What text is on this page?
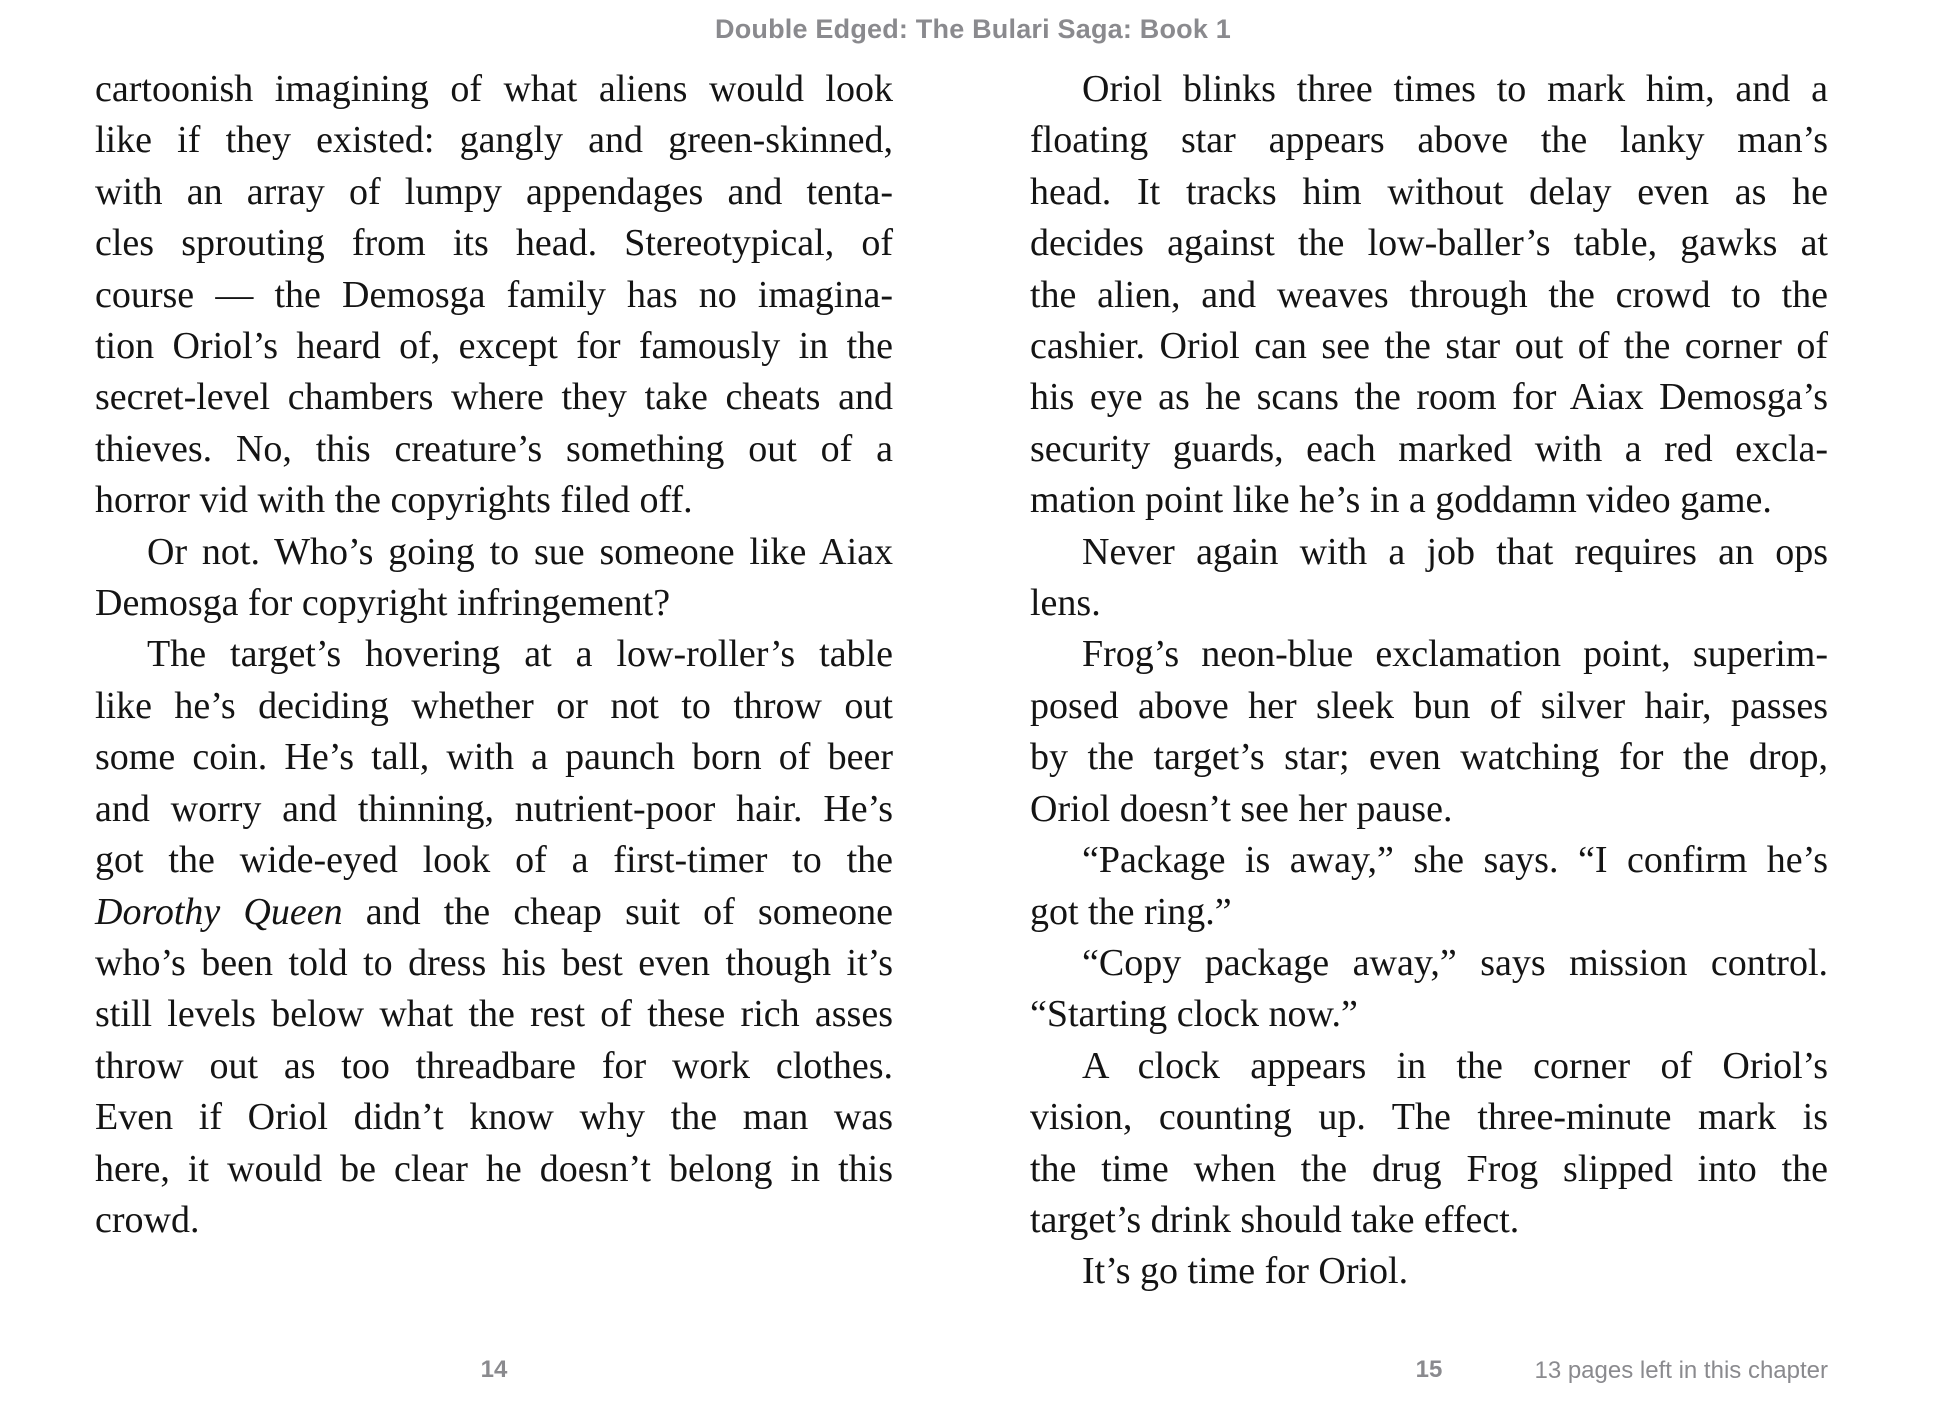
Double Edged: The Bulari Saga: Book 1
cartoonish imagining of what aliens would look
like if they existed: gangly and green-skinned,
with an array of lumpy appendages and tenta-
cles sprouting from its head. Stereotypical, of
course — the Demosga family has no imagina-
tion Oriol’s heard of, except for famously in the
secret-level chambers where they take cheats and
thieves. No, this creature’s something out of a
horror vid with the copyrights filed off.
Or not. Who’s going to sue someone like Aiax
Demosga for copyright infringement?
The target’s hovering at a low-roller’s table
like he’s deciding whether or not to throw out
some coin. He’s tall, with a paunch born of beer
and worry and thinning, nutrient-poor hair. He’s
got the wide-eyed look of a first-timer to the
Dorothy Queen and the cheap suit of someone
who’s been told to dress his best even though it’s
still levels below what the rest of these rich asses
throw out as too threadbare for work clothes.
Even if Oriol didn’t know why the man was
here, it would be clear he doesn’t belong in this
crowd.
Oriol blinks three times to mark him, and a
floating star appears above the lanky man’s
head. It tracks him without delay even as he
decides against the low-baller’s table, gawks at
the alien, and weaves through the crowd to the
cashier. Oriol can see the star out of the corner of
his eye as he scans the room for Aiax Demosga’s
security guards, each marked with a red excla-
mation point like he’s in a goddamn video game.
Never again with a job that requires an ops
lens.
Frog’s neon-blue exclamation point, superim-
posed above her sleek bun of silver hair, passes
by the target’s star; even watching for the drop,
Oriol doesn’t see her pause.
“Package is away,” she says. “I confirm he’s
got the ring.”
“Copy package away,” says mission control.
“Starting clock now.”
A clock appears in the corner of Oriol’s
vision, counting up. The three-minute mark is
the time when the drug Frog slipped into the
target’s drink should take effect.
It’s go time for Oriol.
14	15	13 pages left in this chapter
